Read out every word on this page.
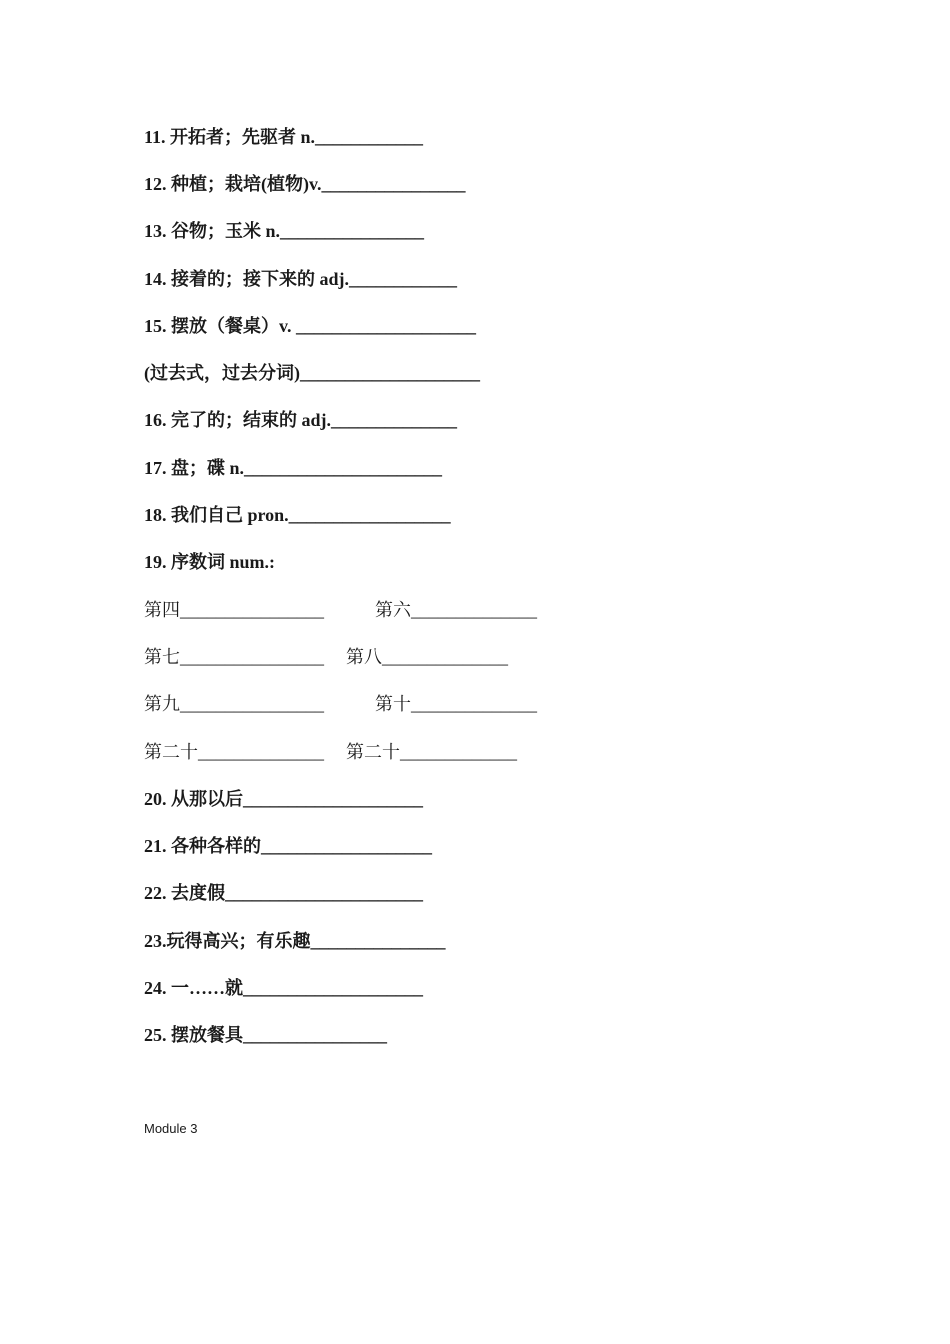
11. 开拓者；先驱者 n.____________
12. 种植；栽培(植物)v.________________
13. 谷物；玉米 n.________________
14. 接着的；接下来的 adj.____________
15. 摆放（餐桌）v. ____________________
(过去式，过去分词)____________________
16. 完了的；结束的 adj.______________
17. 盘；碟 n.______________________
18. 我们自己 pron.__________________
19. 序数词 num.:
第四________________	第六______________
第七________________ 第八______________
第九________________	第十______________
第二十______________ 第二十_____________
20. 从那以后____________________
21. 各种各样的___________________
22. 去度假______________________
23.玩得高兴；有乐趣_______________
24. 一……就____________________
25. 摆放餐具________________
Module 3
